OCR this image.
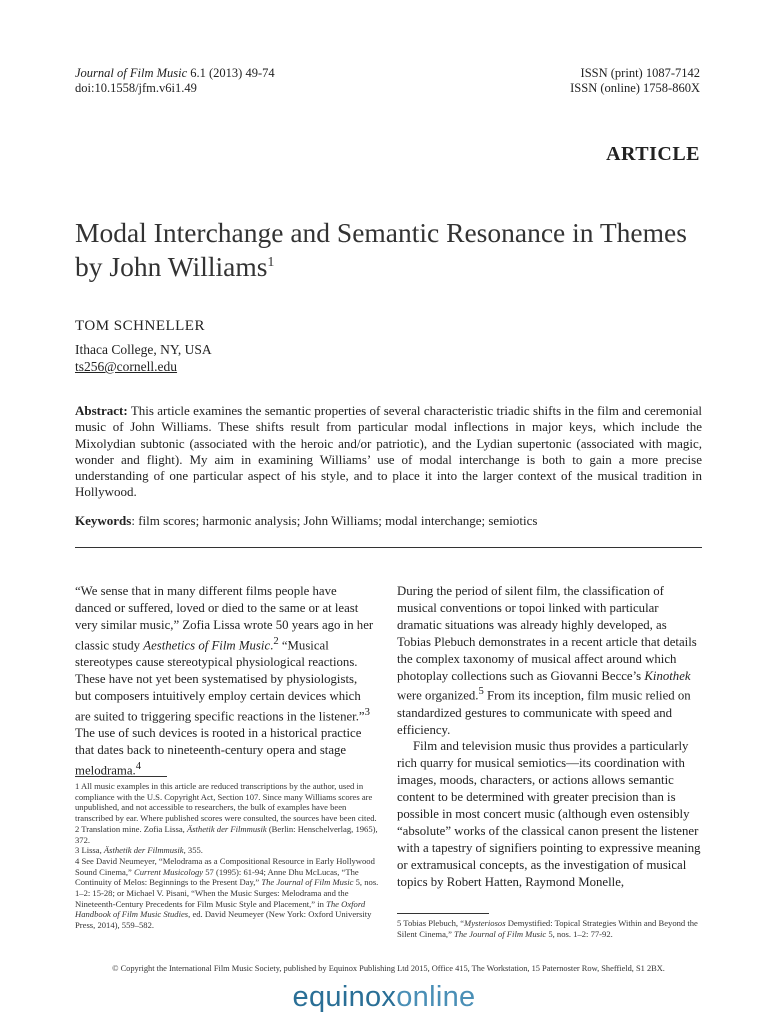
Journal of Film Music 6.1 (2013) 49-74
doi:10.1558/jfm.v6i1.49
ISSN (print) 1087-7142
ISSN (online) 1758-860X
ARTICLE
Modal Interchange and Semantic Resonance in Themes by John Williams$^1$
TOM SCHNELLER
Ithaca College, NY, USA
ts256@cornell.edu

Abstract: This article examines the semantic properties of several characteristic triadic shifts in the film and ceremonial music of John Williams. These shifts result from particular modal inflections in major keys, which include the Mixolydian subtonic (associated with the heroic and/or patriotic), and the Lydian supertonic (associated with magic, wonder and flight). My aim in examining Williams’ use of modal interchange is both to gain a more precise understanding of one particular aspect of his style, and to place it into the larger context of the musical tradition in Hollywood.

Keywords: film scores; harmonic analysis; John Williams; modal interchange; semiotics

“We sense that in many different films people have danced or suffered, loved or died to the same or at least very similar music,” Zofia Lissa wrote 50 years ago in her classic study Aesthetics of Film Music.$^2$ “Musical stereotypes cause stereotypical physiological reactions. These have not yet been systematised by physiologists, but composers intuitively employ certain devices which are suited to triggering specific reactions in the listener.”$^3$ The use of such devices is rooted in a historical practice that dates back to nineteenth-century opera and stage melodrama.$^4$

During the period of silent film, the classification of musical conventions or topoi linked with particular dramatic situations was already highly developed, as Tobias Plebuch demonstrates in a recent article that details the complex taxonomy of musical affect around which photoplay collections such as Giovanni Becce’s Kinothek were organized.$^5$ From its inception, film music relied on standardized gestures to communicate with speed and efficiency.

Film and television music thus provides a particularly rich quarry for musical semiotics—its coordination with images, moods, characters, or actions allows semantic content to be determined with greater precision than is possible in most concert music (although even ostensibly “absolute” works of the classical canon present the listener with a tapestry of signifiers pointing to expressive meaning or extramusical concepts, as the investigation of musical topics by Robert Hatten, Raymond Monelle,

1 All music examples in this article are reduced transcriptions by the author, used in compliance with the U.S. Copyright Act, Section 107. Since many Williams scores are unpublished, and not accessible to researchers, the bulk of examples have been transcribed by ear. Where published scores were consulted, the sources have been cited.

2 Translation mine. Zofia Lissa, Ästhetik der Filmmusik (Berlin: Henschelverlag, 1965), 372.

3 Lissa, Ästhetik der Filmmusik, 355.

4 See David Neumeyer, “Melodrama as a Compositional Resource in Early Hollywood Sound Cinema,” Current Musicology 57 (1995): 61-94; Anne Dhu McLucas, “The Continuity of Melos: Beginnings to the Present Day,” The Journal of Film Music 5, nos. 1–2: 15-28; or Michael V. Pisani, “When the Music Surges: Melodrama and the Nineteenth-Century Precedents for Film Music Style and Placement,” in The Oxford Handbook of Film Music Studies, ed. David Neumeyer (New York: Oxford University Press, 2014), 559–582.	5 Tobias Plebuch, “Mysteriosos Demystified: Topical Strategies Within and Beyond the Silent Cinema,” The Journal of Film Music 5, nos. 1–2: 77-92.

© Copyright the International Film Music Society, published by Equinox Publishing Ltd 2015, Office 415, The Workstation, 15 Paternoster Row, Sheffield, S1 2BX.
equinoxonline
